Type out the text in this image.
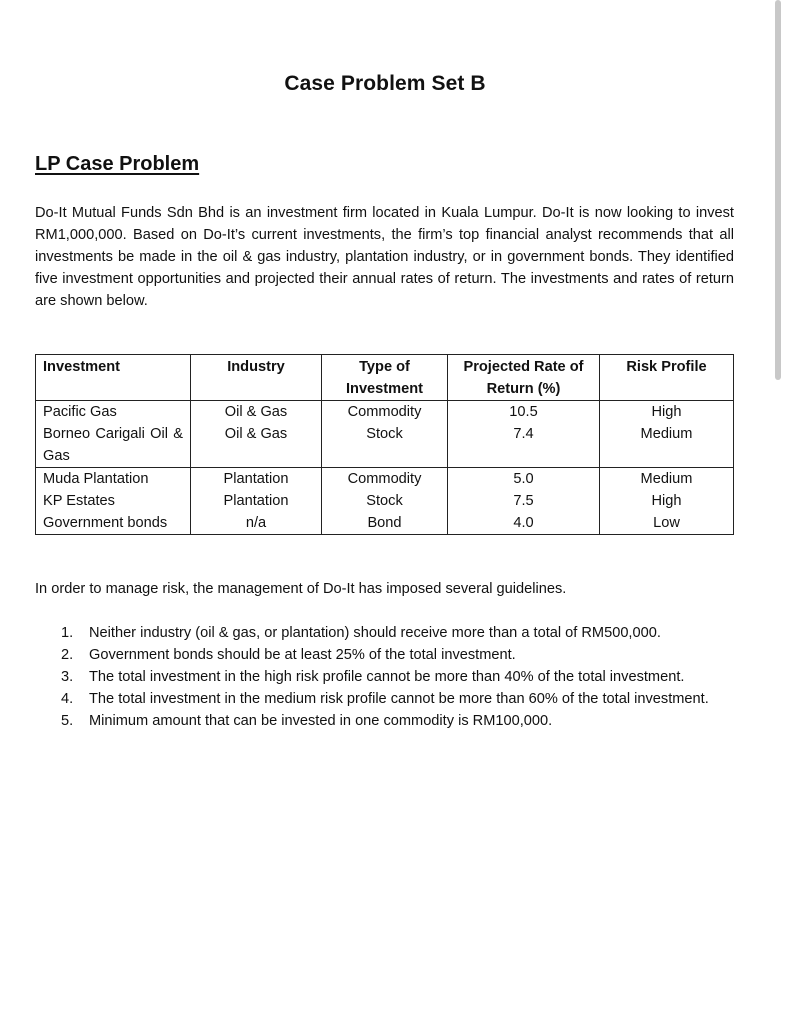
Case Problem Set B
LP Case Problem

Do-It Mutual Funds Sdn Bhd is an investment firm located in Kuala Lumpur. Do-It is now looking to invest RM1,000,000. Based on Do-It’s current investments, the firm’s top financial analyst recommends that all investments be made in the oil & gas industry, plantation industry, or in government bonds. They identified five investment opportunities and projected their annual rates of return. The investments and rates of return are shown below.

Investment	Industry	Type of Investment	Projected Rate of Return (%)	Risk Profile
Pacific Gas	Oil & Gas	Commodity	10.5	High
Borneo Carigali Oil & Gas	Oil & Gas	Stock	7.4	Medium
Muda Plantation	Plantation	Commodity	5.0	Medium
KP Estates	Plantation	Stock	7.5	High
Government bonds	n/a	Bond	4.0	Low
In order to manage risk, the management of Do-It has imposed several guidelines.
1. Neither industry (oil & gas, or plantation) should receive more than a total of RM500,000.
2. Government bonds should be at least 25% of the total investment.
3. The total investment in the high risk profile cannot be more than 40% of the total investment.
4. The total investment in the medium risk profile cannot be more than 60% of the total investment.
5. Minimum amount that can be invested in one commodity is RM100,000.
